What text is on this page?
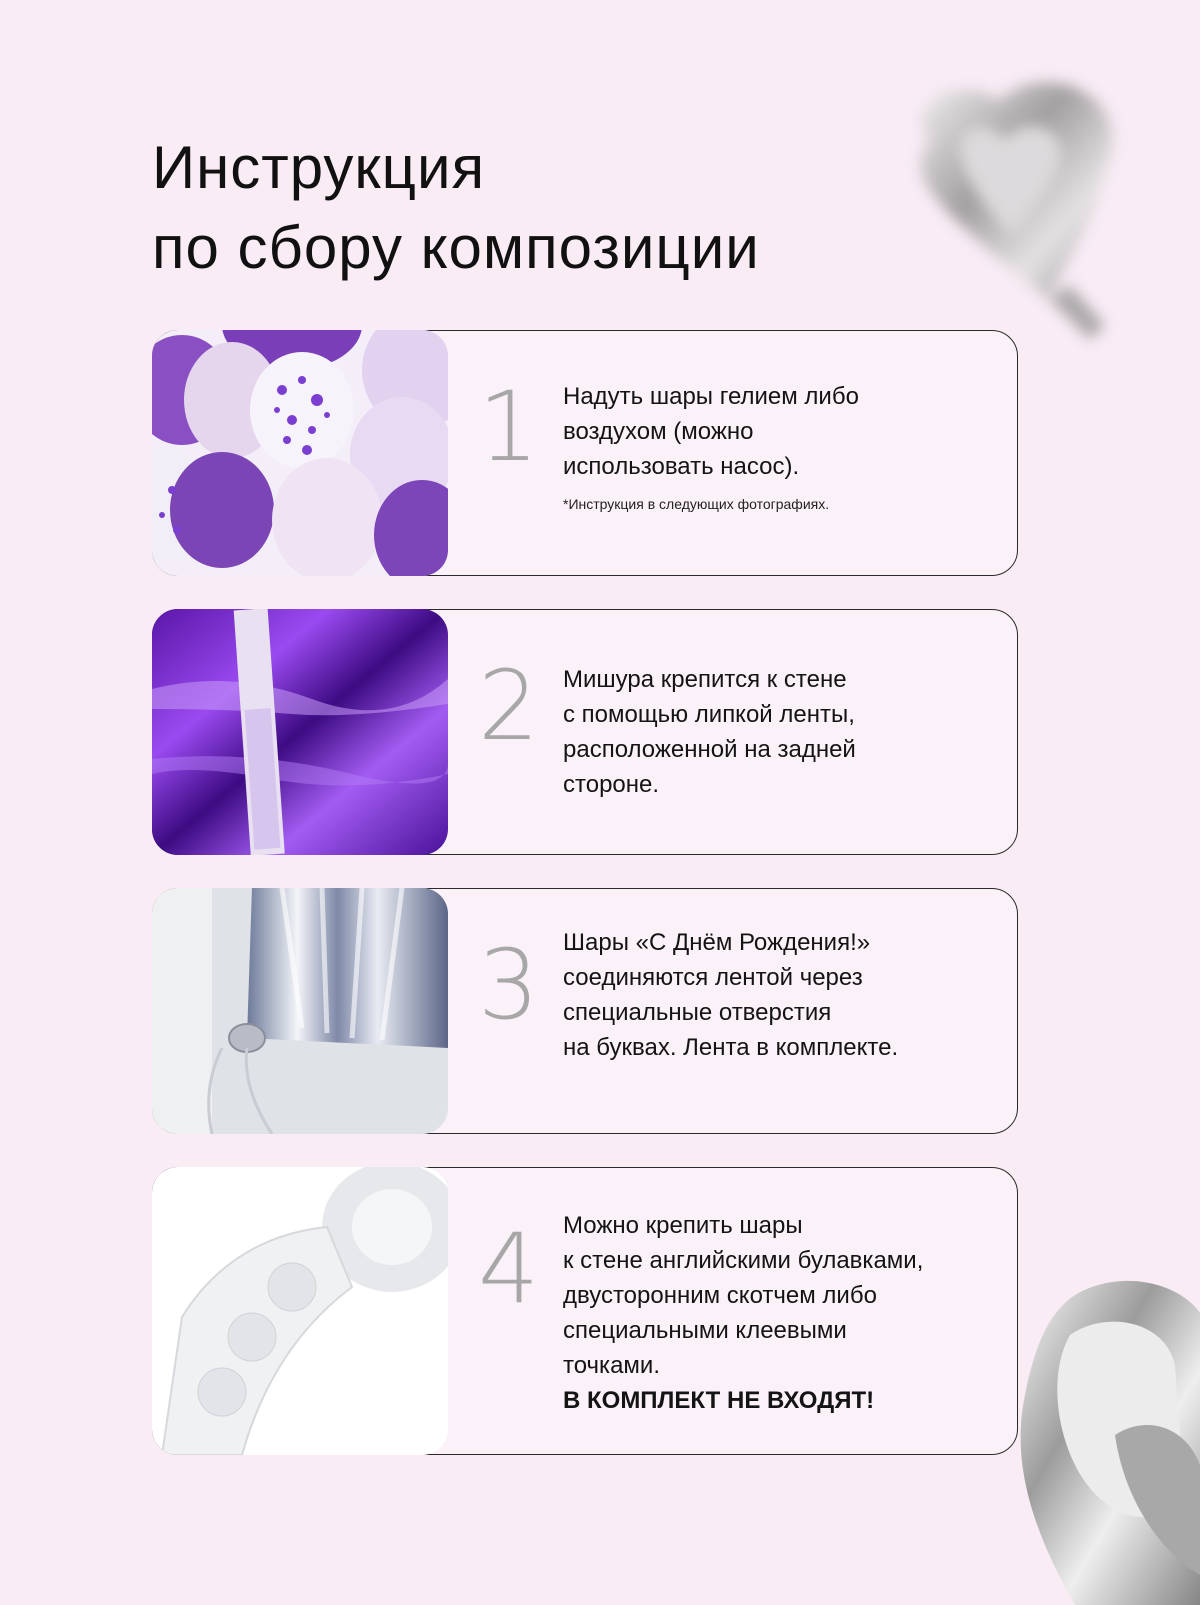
Инструкция
по сбору композиции
1 Надуть шары гелием либо
воздухом (можно
использовать насос).
*Инструкция в следующих фотографиях.
2 Мишура крепится к стене
с помощью липкой ленты,
расположенной на задней
стороне.
3 Шары «С Днём Рождения!»
соединяются лентой через
специальные отверстия
на буквах. Лента в комплекте.
4 Можно крепить шары
к стене английскими булавками,
двусторонним скотчем либо
специальными клеевыми
точками.
В КОМПЛЕКТ НЕ ВХОДЯТ!
